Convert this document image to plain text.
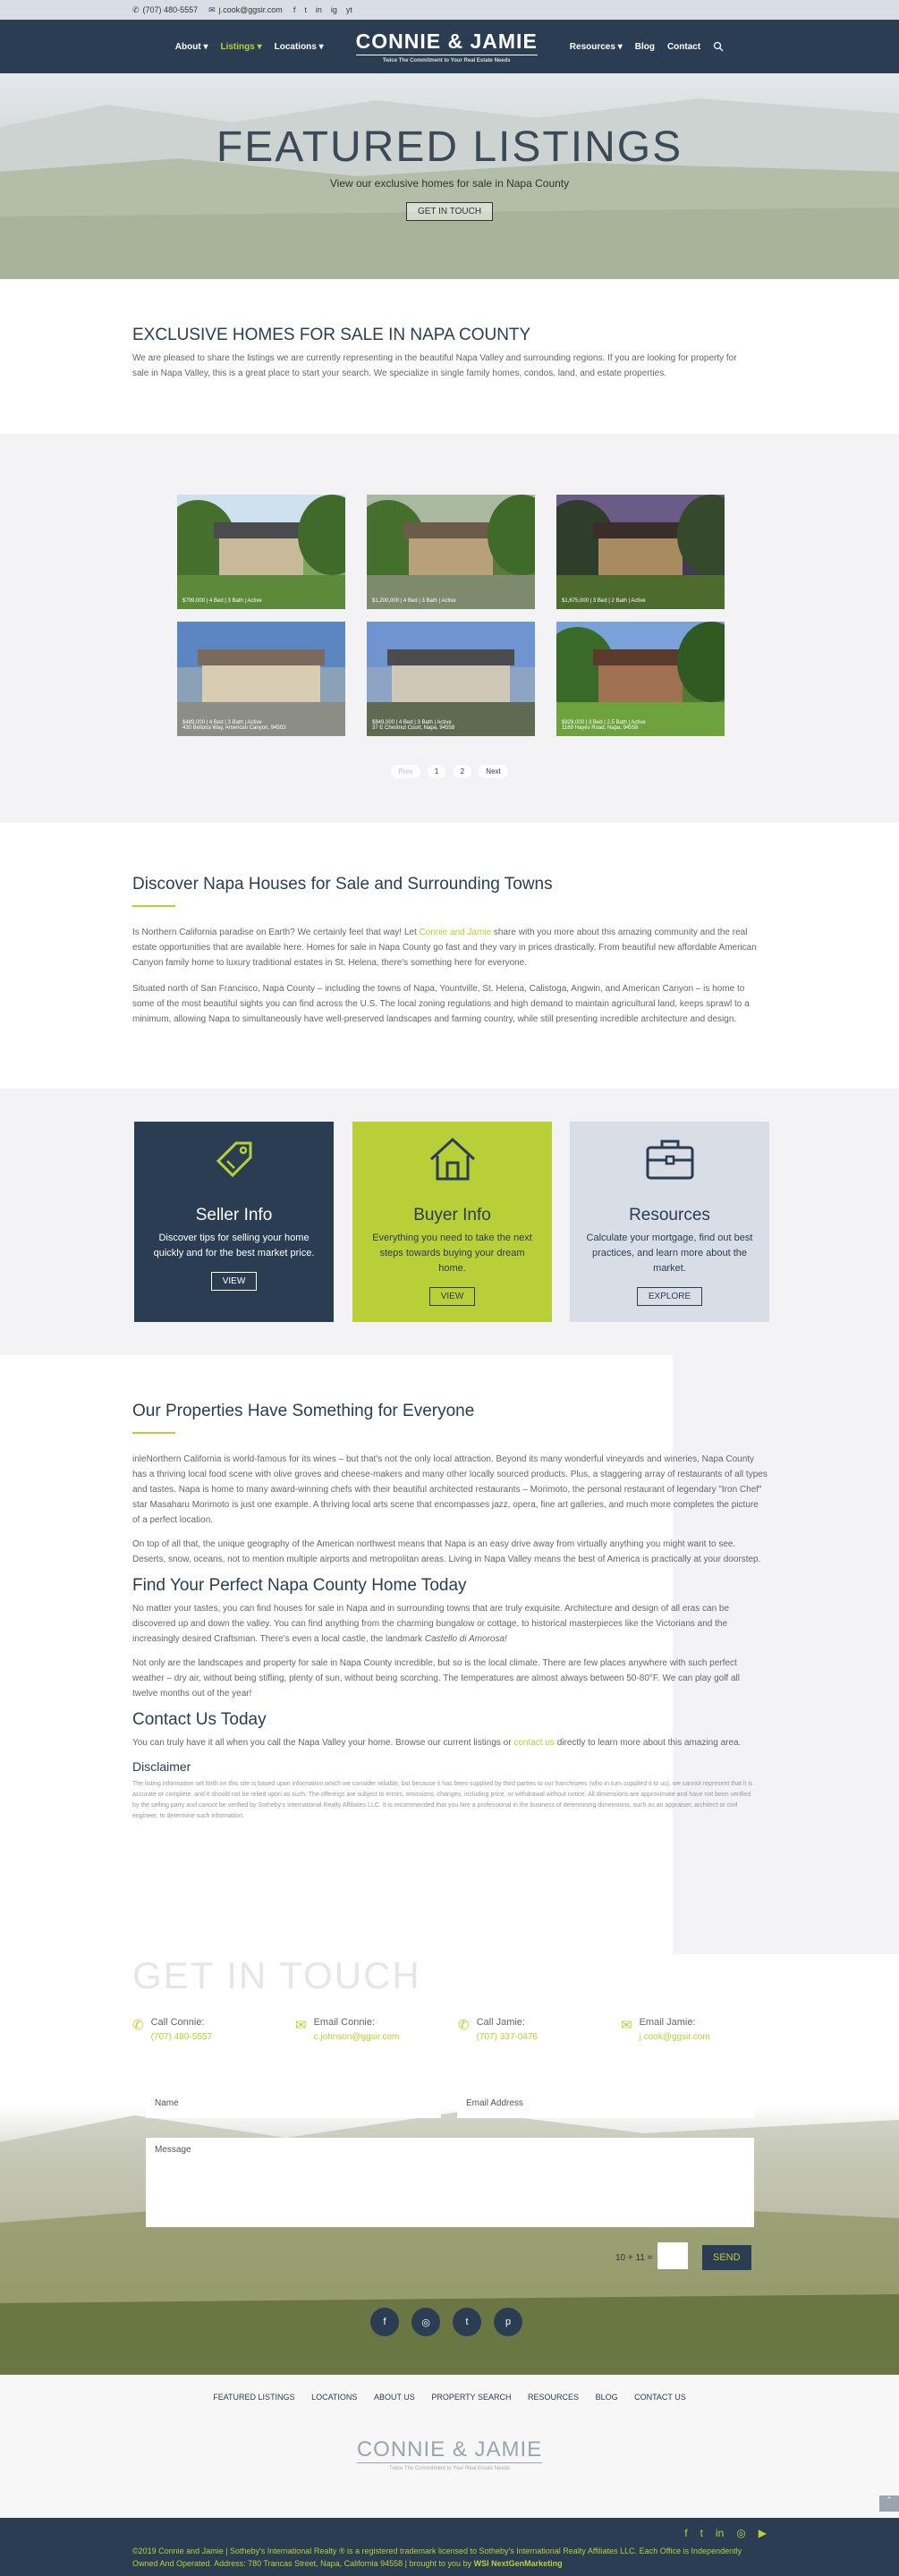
✆ (707) 480-5557 ✉ j.cook@ggsir.com f t in ig yt
About ▾ Listings ▾ Locations ▾ CONNIE & JAMIE
Twice The Commitment to Your Real Estate Needs
Resources ▾ Blog Contact
FEATURED LISTINGS

View our exclusive homes for sale in Napa County

GET IN TOUCH
EXCLUSIVE HOMES FOR SALE IN NAPA COUNTY

We are pleased to share the listings we are currently representing in the beautiful Napa Valley and surrounding regions. If you are looking for property for sale in Napa Valley, this is a great place to start your search. We specialize in single family homes, condos, land, and estate properties.

$799,000 | 4 Bed | 3 Bath | Active	$1,200,000 | 4 Bed | 3 Bath | Active	$1,675,000 | 3 Bed | 2 Bath | Active
$489,000 | 4 Bed | 3 Bath | Active
430 Bellona Way, American Canyon, 94503
$849,000 | 4 Bed | 3 Bath | Active
37 E Chestnut Court, Napa, 94558
$829,000 | 3 Bed | 2.5 Bath | Active
1189 Hayes Road, Napa, 94558
Prev	1	2	Next
Discover Napa Houses for Sale and Surrounding Towns

Is Northern California paradise on Earth? We certainly feel that way! Let Connie and Jamie share with you more about this amazing community and the real estate opportunities that are available here. Homes for sale in Napa County go fast and they vary in prices drastically. From beautiful new affordable American Canyon family home to luxury traditional estates in St. Helena, there's something here for everyone.

Situated north of San Francisco, Napa County – including the towns of Napa, Yountville, St. Helena, Calistoga, Angwin, and American Canyon – is home to some of the most beautiful sights you can find across the U.S. The local zoning regulations and high demand to maintain agricultural land, keeps sprawl to a minimum, allowing Napa to simultaneously have well-preserved landscapes and farming country, while still presenting incredible architecture and design.

Seller Info

Discover tips for selling your home quickly and for the best market price.

VIEW
Buyer Info

Everything you need to take the next steps towards buying your dream home.

VIEW
Resources

Calculate your mortgage, find out best practices, and learn more about the market.

EXPLORE
Our Properties Have Something for Everyone

inleNorthern California is world-famous for its wines – but that's not the only local attraction. Beyond its many wonderful vineyards and wineries, Napa County has a thriving local food scene with olive groves and cheese-makers and many other locally sourced products. Plus, a staggering array of restaurants of all types and tastes. Napa is home to many award-winning chefs with their beautiful architected restaurants – Morimoto, the personal restaurant of legendary "Iron Chef" star Masaharu Morimoto is just one example. A thriving local arts scene that encompasses jazz, opera, fine art galleries, and much more completes the picture of a perfect location.

On top of all that, the unique geography of the American northwest means that Napa is an easy drive away from virtually anything you might want to see. Deserts, snow, oceans, not to mention multiple airports and metropolitan areas. Living in Napa Valley means the best of America is practically at your doorstep.

Find Your Perfect Napa County Home Today

No matter your tastes, you can find houses for sale in Napa and in surrounding towns that are truly exquisite. Architecture and design of all eras can be discovered up and down the valley. You can find anything from the charming bungalow or cottage, to historical masterpieces like the Victorians and the increasingly desired Craftsman. There's even a local castle, the landmark Castello di Amorosa!

Not only are the landscapes and property for sale in Napa County incredible, but so is the local climate. There are few places anywhere with such perfect weather – dry air, without being stifling, plenty of sun, without being scorching. The temperatures are almost always between 50-80°F. We can play golf all twelve months out of the year!

Contact Us Today

You can truly have it all when you call the Napa Valley your home. Browse our current listings or contact us directly to learn more about this amazing area.

Disclaimer

The listing information set forth on this site is based upon information which we consider reliable, but because it has been supplied by third parties to our franchisees (who in turn supplied it to us), we cannot represent that it is accurate or complete, and it should not be relied upon as such. The offerings are subject to errors, omissions, changes, including price, or withdrawal without notice. All dimensions are approximate and have not been verified by the selling party and cannot be verified by Sotheby's International Realty Affiliates LLC. It is recommended that you hire a professional in the business of determining dimensions, such as an appraiser, architect or civil engineer, to determine such information.

GET IN TOUCH
✆ Call Connie:
(707) 480-5557
✉ Email Connie:
c.johnson@ggsir.com
✆ Call Jamie:
(707) 337-0476
✉ Email Jamie:
j.cook@ggsir.com
Name	Email Address
Message
10 + 11 =	SEND
f	◎	t	p
FEATURED LISTINGS LOCATIONS ABOUT US PROPERTY SEARCH RESOURCES BLOG CONTACT US
CONNIE & JAMIE
Twice The Commitment to Your Real Estate Needs
⌃
f t in ◎ ▶
©2019 Connie and Jamie | Sotheby's International Realty ® is a registered trademark licensed to Sotheby's International Realty Affiliates LLC. Each Office is Independently Owned And Operated. Address: 780 Trancas Street, Napa, California 94558 | brought to you by WSI NextGenMarketing
